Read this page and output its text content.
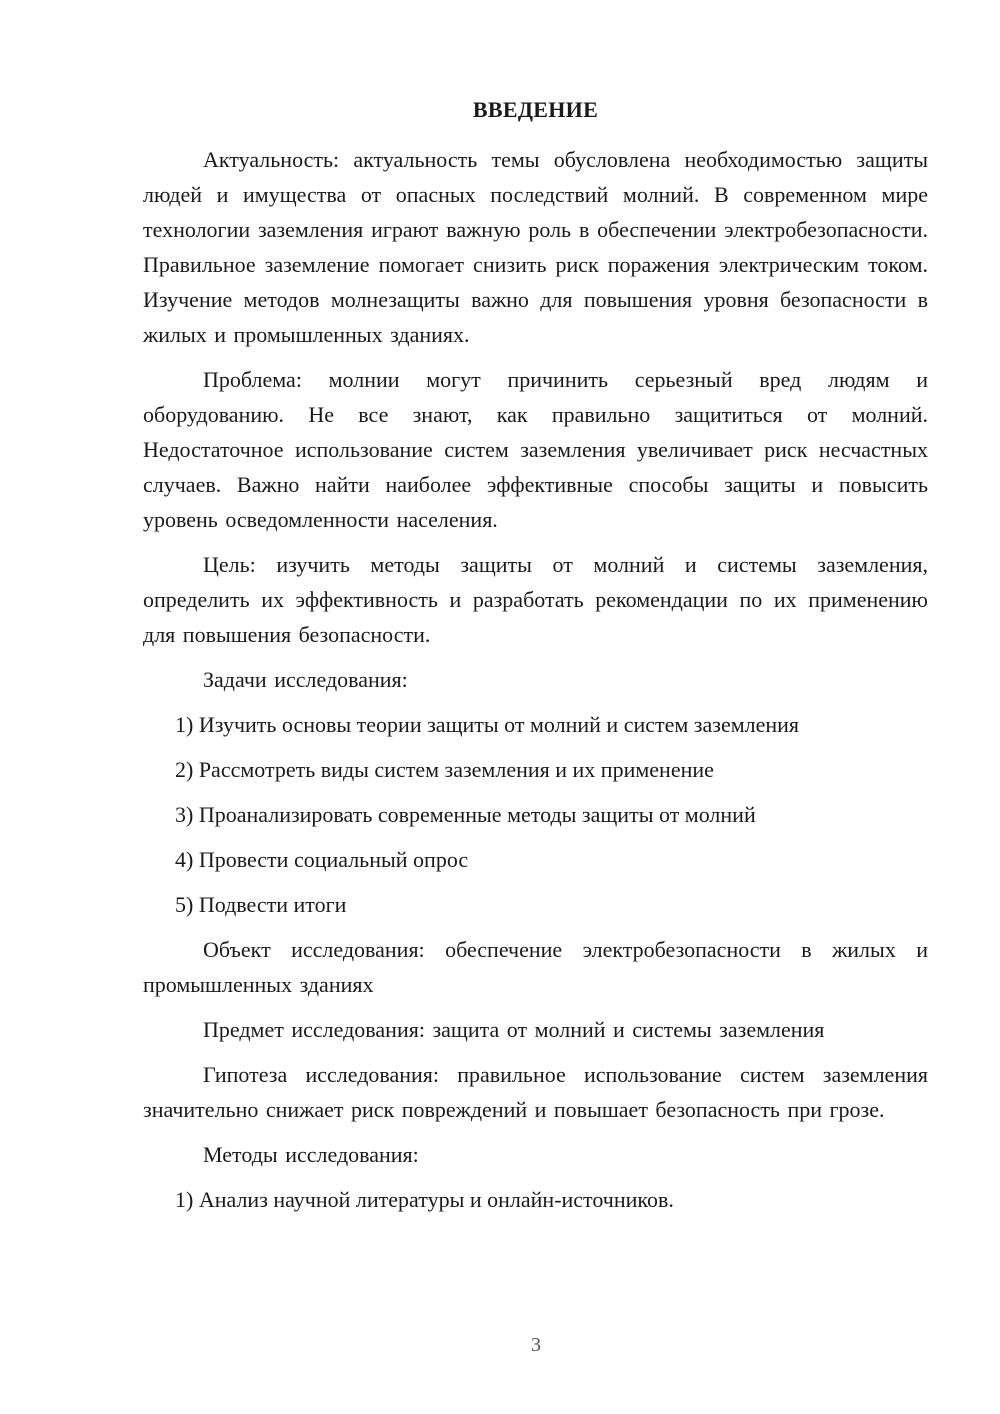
ВВЕДЕНИЕ

Актуальность: актуальность темы обусловлена необходимостью защиты людей и имущества от опасных последствий молний. В современном мире технологии заземления играют важную роль в обеспечении электробезопасности. Правильное заземление помогает снизить риск поражения электрическим током. Изучение методов молнезащиты важно для повышения уровня безопасности в жилых и промышленных зданиях.

Проблема: молнии могут причинить серьезный вред людям и оборудованию. Не все знают, как правильно защититься от молний. Недостаточное использование систем заземления увеличивает риск несчастных случаев. Важно найти наиболее эффективные способы защиты и повысить уровень осведомленности населения.

Цель: изучить методы защиты от молний и системы заземления, определить их эффективность и разработать рекомендации по их применению для повышения безопасности.

Задачи исследования:

1) Изучить основы теории защиты от молний и систем заземления
2) Рассмотреть виды систем заземления и их применение
3) Проанализировать современные методы защиты от молний
4) Провести социальный опрос
5) Подвести итоги

Объект исследования: обеспечение электробезопасности в жилых и промышленных зданиях

Предмет исследования: защита от молний и системы заземления

Гипотеза исследования: правильное использование систем заземления значительно снижает риск повреждений и повышает безопасность при грозе.

Методы исследования:

1) Анализ научной литературы и онлайн-источников.
3
